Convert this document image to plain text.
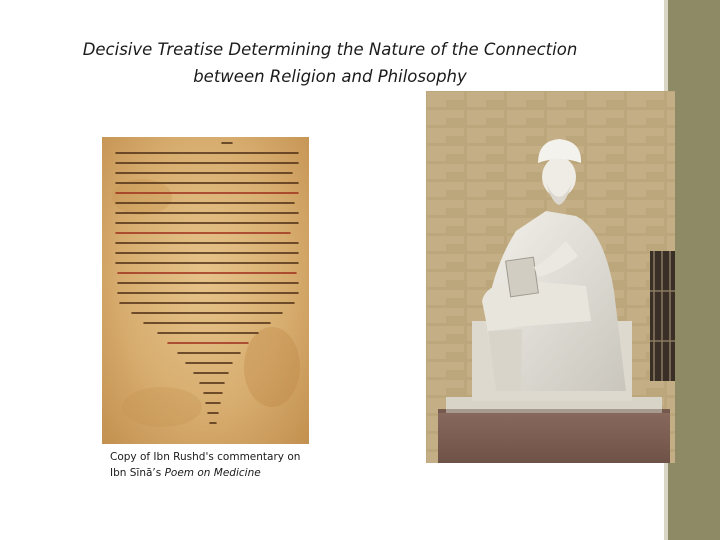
Decisive Treatise Determining the Nature of the Connection
between Religion and Philosophy
Copy of Ibn Rushd's commentary on
Ibn Sīnā’s Poem on Medicine
